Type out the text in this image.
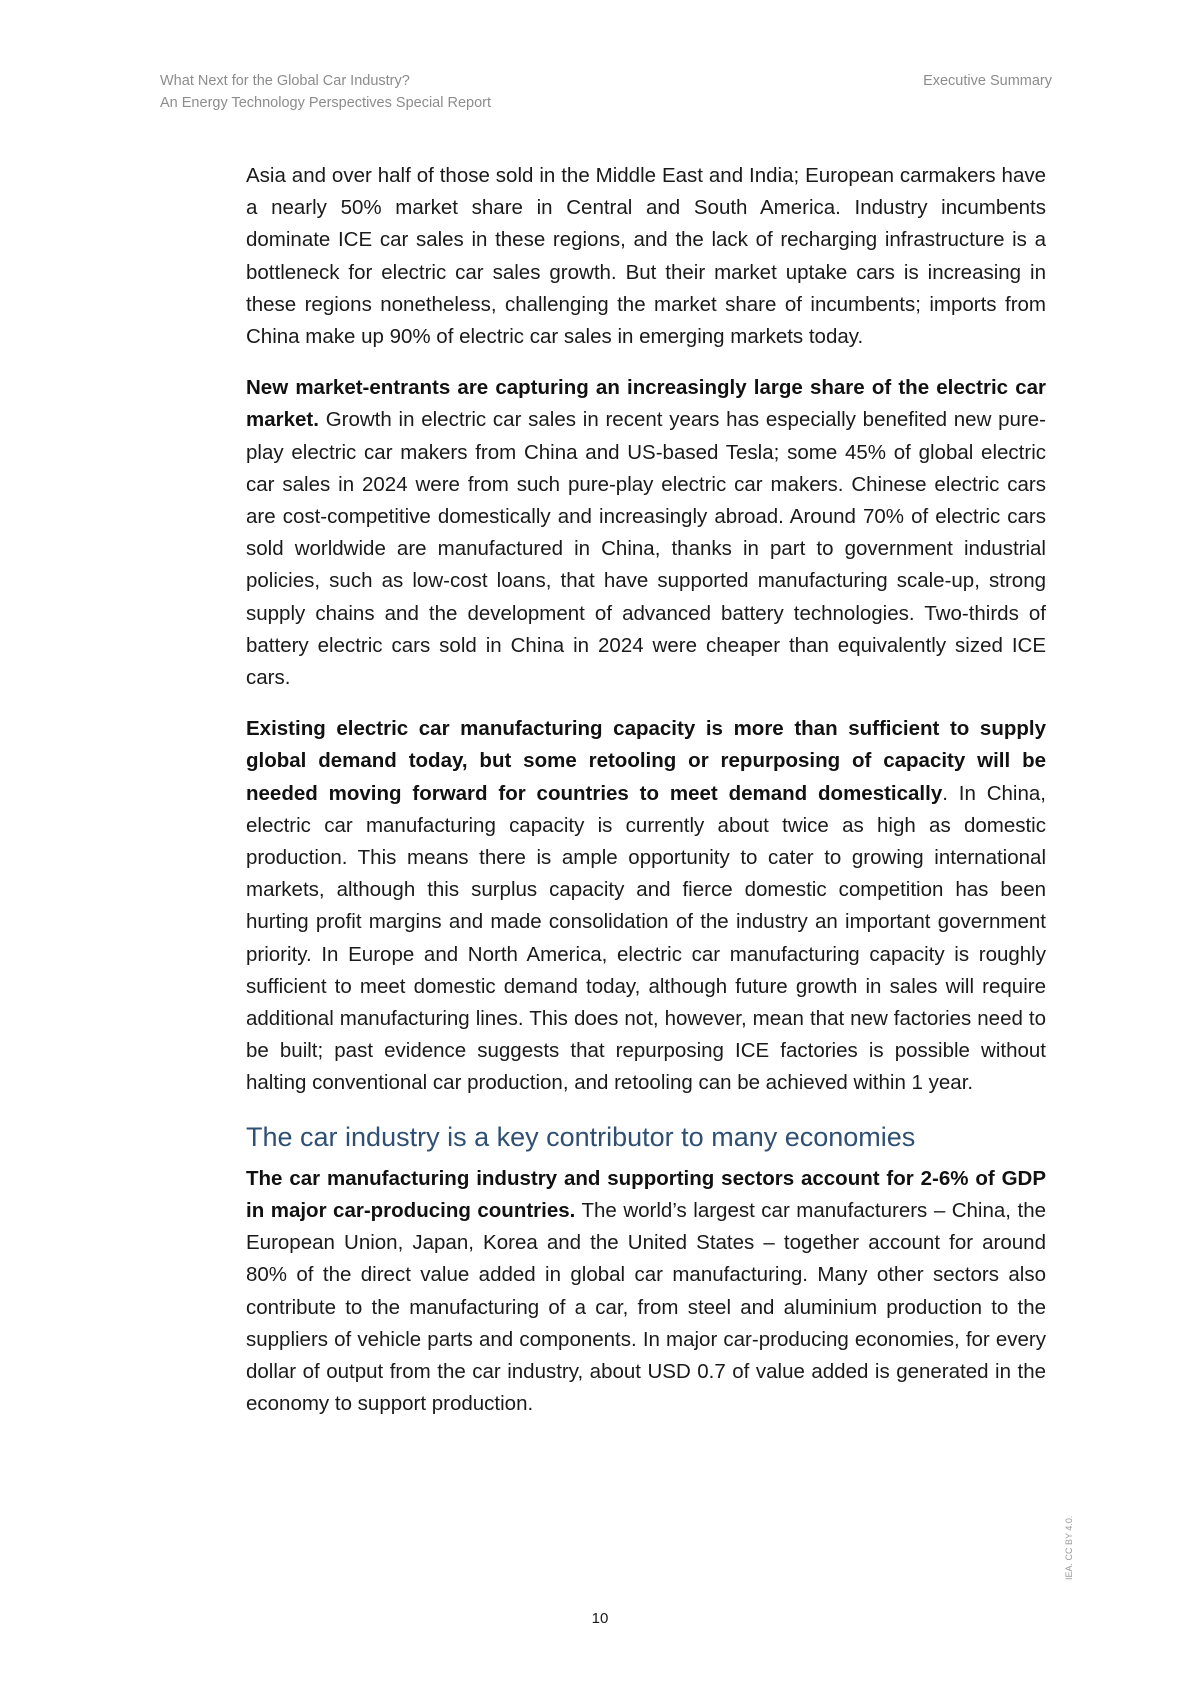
What Next for the Global Car Industry?
An Energy Technology Perspectives Special Report
Executive Summary

Asia and over half of those sold in the Middle East and India; European carmakers have a nearly 50% market share in Central and South America. Industry incumbents dominate ICE car sales in these regions, and the lack of recharging infrastructure is a bottleneck for electric car sales growth. But their market uptake cars is increasing in these regions nonetheless, challenging the market share of incumbents; imports from China make up 90% of electric car sales in emerging markets today.

New market-entrants are capturing an increasingly large share of the electric car market. Growth in electric car sales in recent years has especially benefited new pure-play electric car makers from China and US-based Tesla; some 45% of global electric car sales in 2024 were from such pure-play electric car makers. Chinese electric cars are cost-competitive domestically and increasingly abroad. Around 70% of electric cars sold worldwide are manufactured in China, thanks in part to government industrial policies, such as low-cost loans, that have supported manufacturing scale-up, strong supply chains and the development of advanced battery technologies. Two-thirds of battery electric cars sold in China in 2024 were cheaper than equivalently sized ICE cars.

Existing electric car manufacturing capacity is more than sufficient to supply global demand today, but some retooling or repurposing of capacity will be needed moving forward for countries to meet demand domestically. In China, electric car manufacturing capacity is currently about twice as high as domestic production. This means there is ample opportunity to cater to growing international markets, although this surplus capacity and fierce domestic competition has been hurting profit margins and made consolidation of the industry an important government priority. In Europe and North America, electric car manufacturing capacity is roughly sufficient to meet domestic demand today, although future growth in sales will require additional manufacturing lines. This does not, however, mean that new factories need to be built; past evidence suggests that repurposing ICE factories is possible without halting conventional car production, and retooling can be achieved within 1 year.

The car industry is a key contributor to many economies

The car manufacturing industry and supporting sectors account for 2-6% of GDP in major car-producing countries. The world’s largest car manufacturers – China, the European Union, Japan, Korea and the United States – together account for around 80% of the direct value added in global car manufacturing. Many other sectors also contribute to the manufacturing of a car, from steel and aluminium production to the suppliers of vehicle parts and components. In major car-producing economies, for every dollar of output from the car industry, about USD 0.7 of value added is generated in the economy to support production.

10
IEA. CC BY 4.0.
